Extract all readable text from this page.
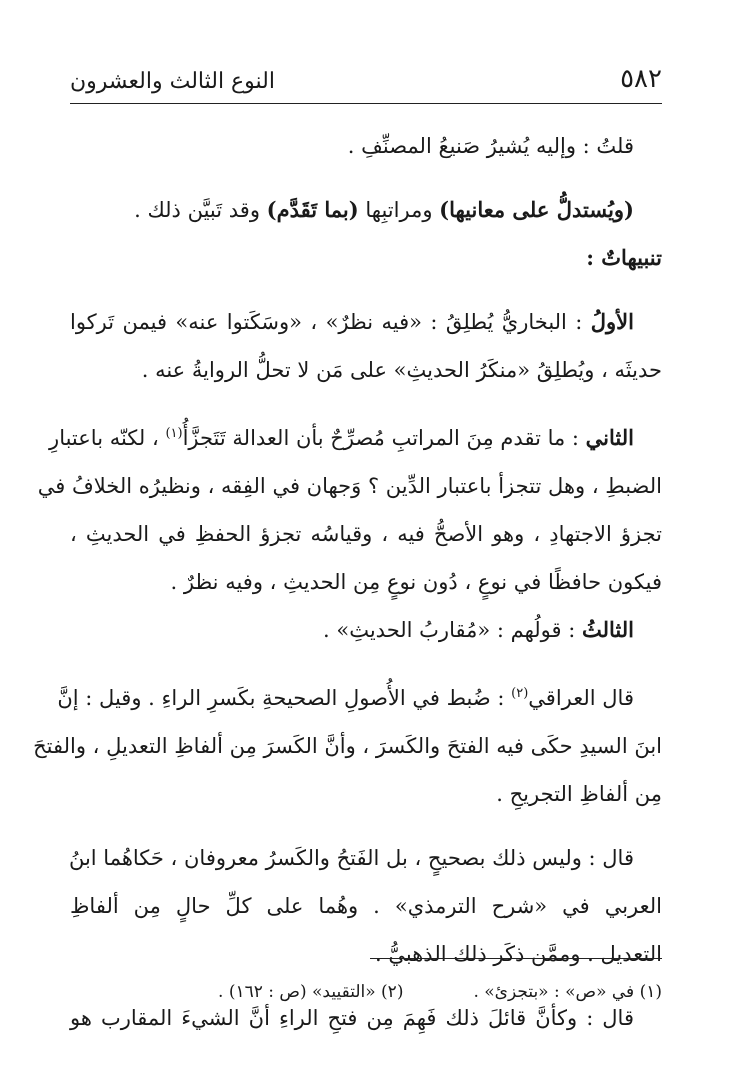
٥٨٢
النوع الثالث والعشرون
قلتُ : وإليه يُشيرُ صَنيعُ المصنِّفِ .
(ويُستدلُّ على معانيها) ومراتبِها (بما تَقَدَّم) وقد تَبيَّن ذلك .
تنبيهاتٌ :
الأولُ : البخاريُّ يُطلِقُ : «فيه نظرٌ» ، «وسَكَتوا عنه» فيمن تَركوا
حديثَه ، ويُطلِقُ «منكَرُ الحديثِ» على مَن لا تحلُّ الروايةُ عنه .
الثاني : ما تقدم مِنَ المراتبِ مُصرِّحٌ بأن العدالة تَتَجزَّأُ$^{(١)}$ ، لكنّه باعتبارِ
الضبطِ ، وهل تتجزأ باعتبار الدِّين ؟ وَجهان في الفِقه ، ونظيرُه الخلافُ في
تجزؤ الاجتهادِ ، وهو الأصحُّ فيه ، وقياسُه تجزؤ الحفظِ في الحديثِ ،
فيكون حافظًا في نوعٍ ، دُون نوعٍ مِن الحديثِ ، وفيه نظرٌ .
الثالثُ : قولُهم : «مُقاربُ الحديثِ» .
قال العراقي$^{(٢)}$ : ضُبط في الأُصولِ الصحيحةِ بكَسرِ الراءِ . وقيل : إنَّ
ابنَ السيدِ حكَى فيه الفتحَ والكَسرَ ، وأنَّ الكَسرَ مِن ألفاظِ التعديلِ ، والفتحَ
مِن ألفاظِ التجريحِ .
قال : وليس ذلك بصحيحٍ ، بل الفَتحُ والكَسرُ معروفان ، حَكاهُما ابنُ
العربي في «شرح الترمذي» . وهُما على كلِّ حالٍ مِن ألفاظِ
التعديل . وممَّن ذكَر ذلك الذهبيُّ .
قال : وكأنَّ قائلَ ذلك فَهِمَ مِن فتحِ الراءِ أنَّ الشيءَ المقارب هو
(١) في «ص» : «بتجزئ» .
(٢) «التقييد» (ص : ١٦٢) .
